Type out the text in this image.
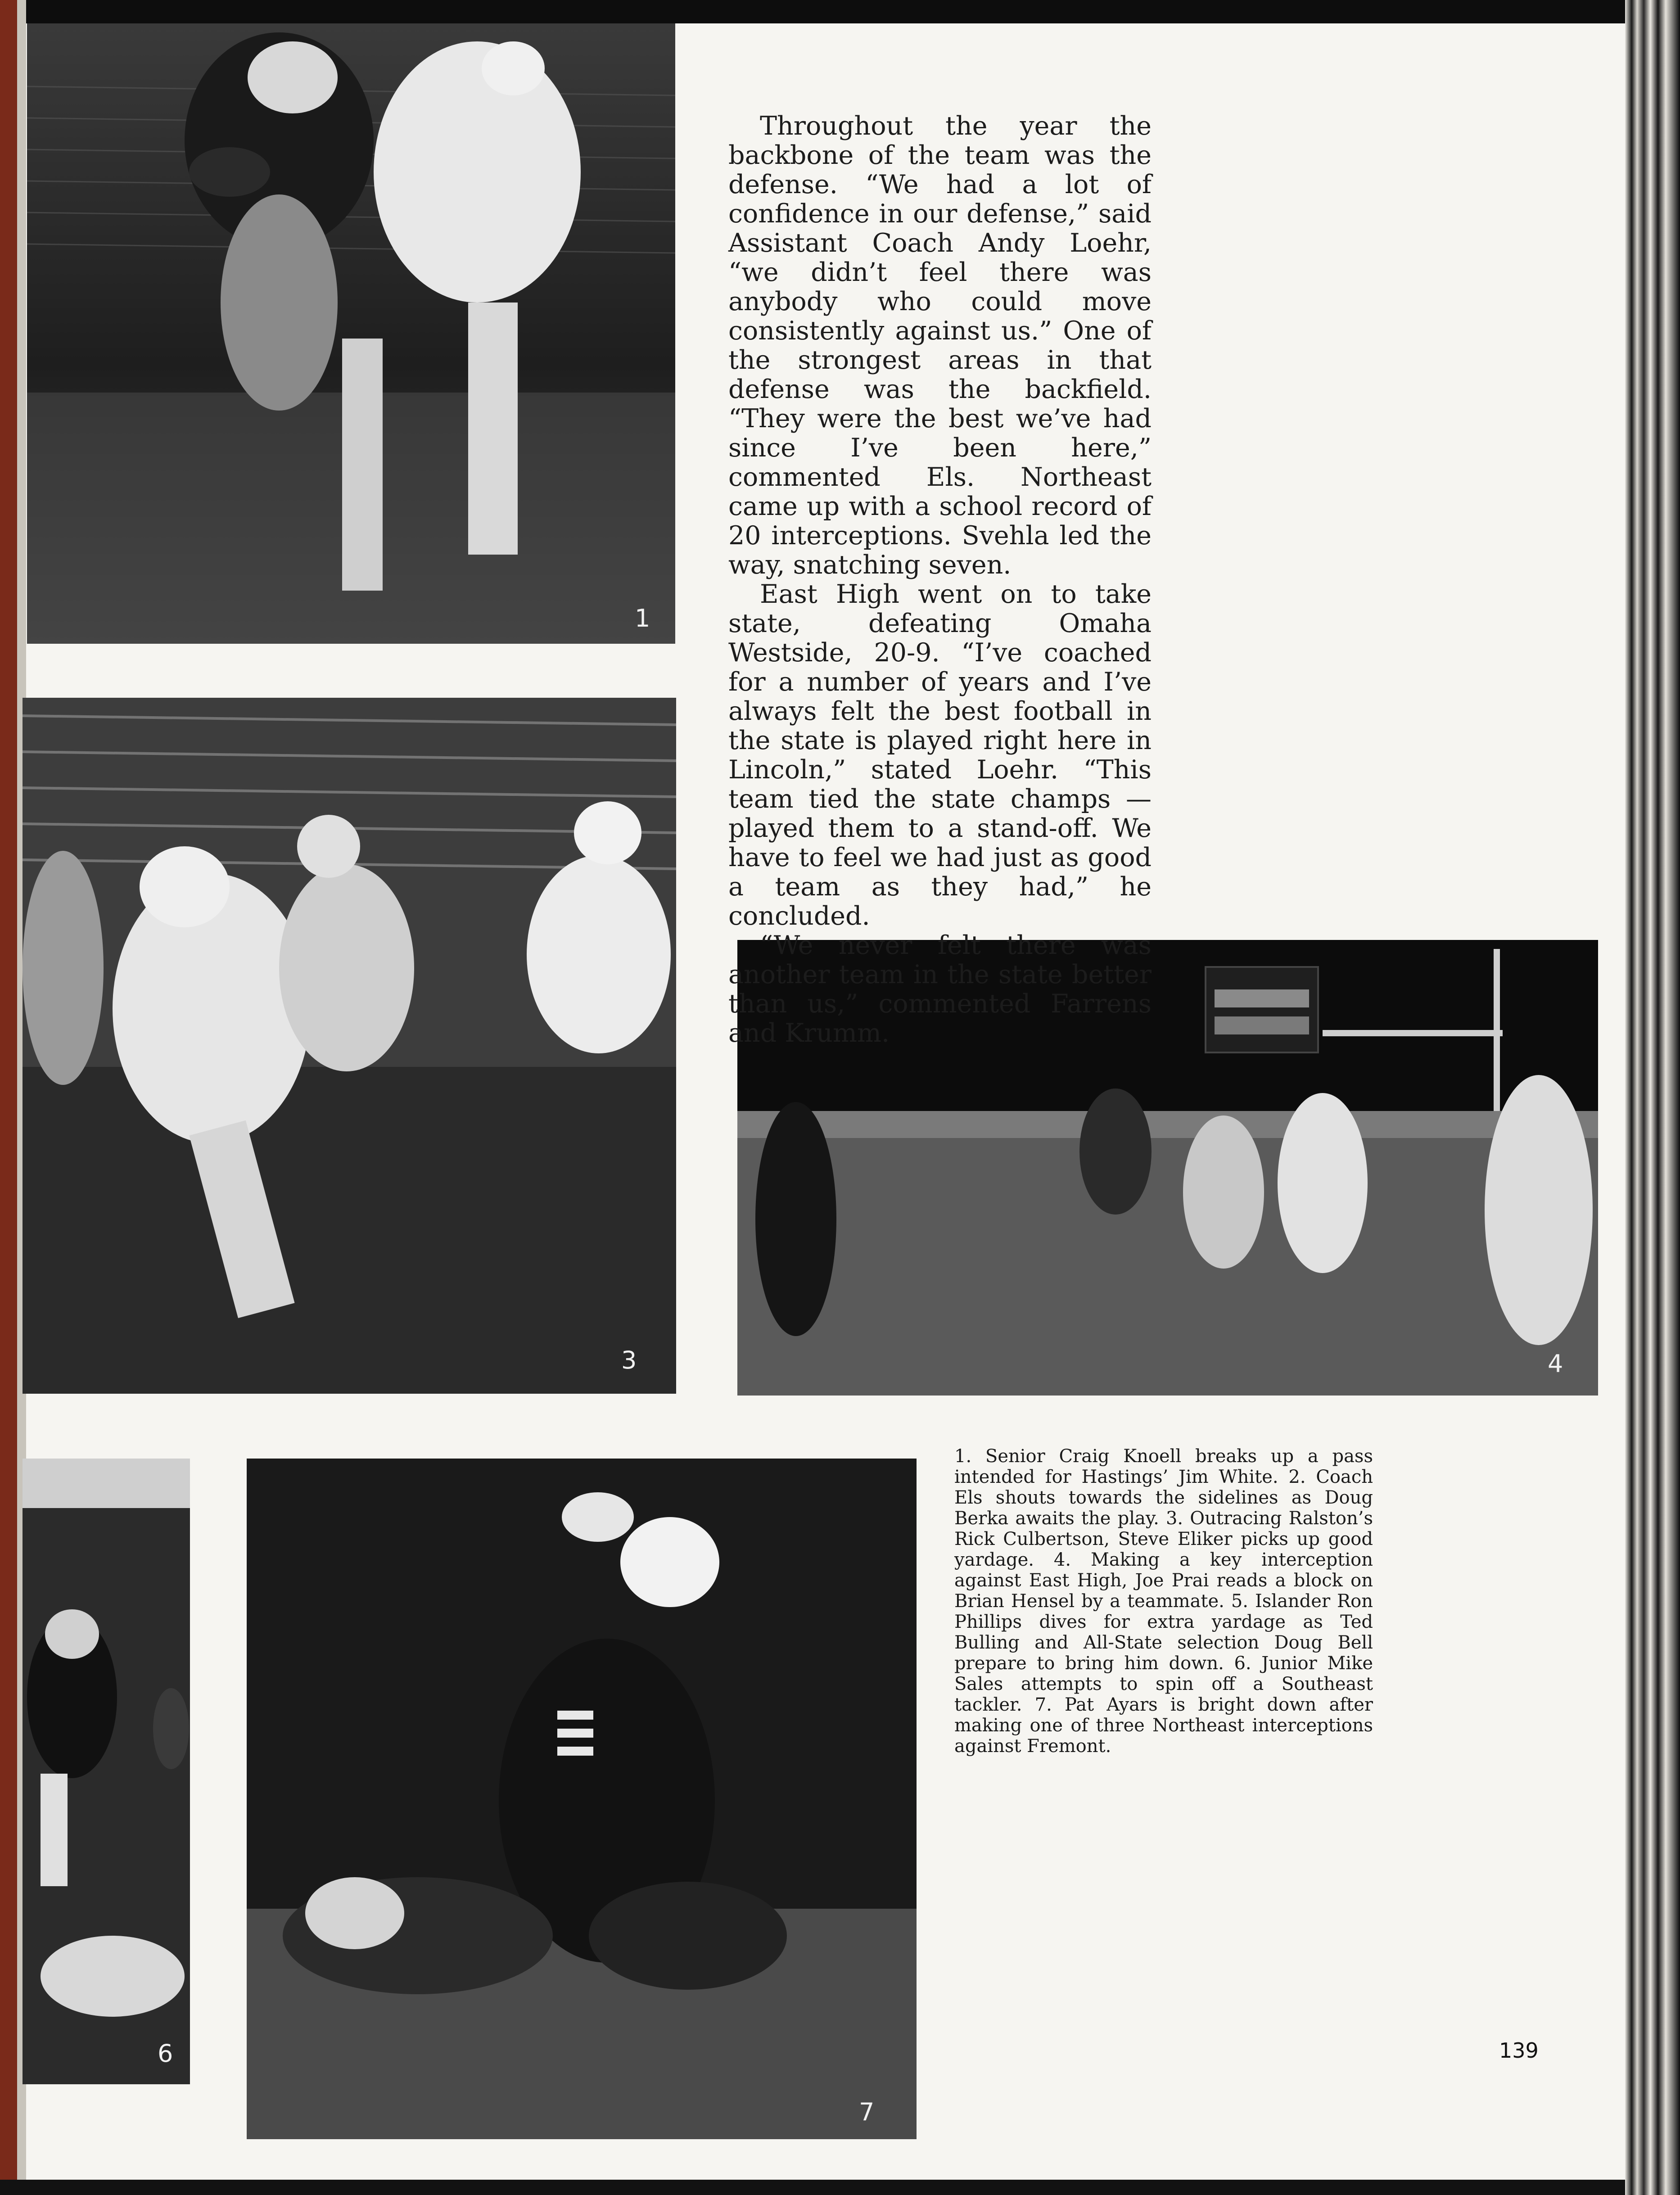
1
3	4
6
7

Throughout the year the backbone of the team was the defense. “We had a lot of confidence in our defense,” said Assistant Coach Andy Loehr, “we didn’t feel there was anybody who could move consistently against us.” One of the strongest areas in that defense was the backfield. “They were the best we’ve had since I’ve been here,” commented Els. Northeast came up with a school record of 20 interceptions. Svehla led the way, snatching seven.

East High went on to take state, defeating Omaha Westside, 20-9. “I’ve coached for a number of years and I’ve always felt the best football in the state is played right here in Lincoln,” stated Loehr. “This team tied the state champs — played them to a stand-off. We have to feel we had just as good a team as they had,” he concluded.

“We never felt there was another team in the state better than us,” commented Farrens and Krumm.

1. Senior Craig Knoell breaks up a pass intended for Hastings’ Jim White. 2. Coach Els shouts towards the sidelines as Doug Berka awaits the play. 3. Outracing Ralston’s Rick Culbertson, Steve Eliker picks up good yardage. 4. Making a key interception against East High, Joe Prai reads a block on Brian Hensel by a teammate. 5. Islander Ron Phillips dives for extra yardage as Ted Bulling and All-State selection Doug Bell prepare to bring him down. 6. Junior Mike Sales attempts to spin off a Southeast tackler. 7. Pat Ayars is bright down after making one of three Northeast interceptions against Fremont.
139
